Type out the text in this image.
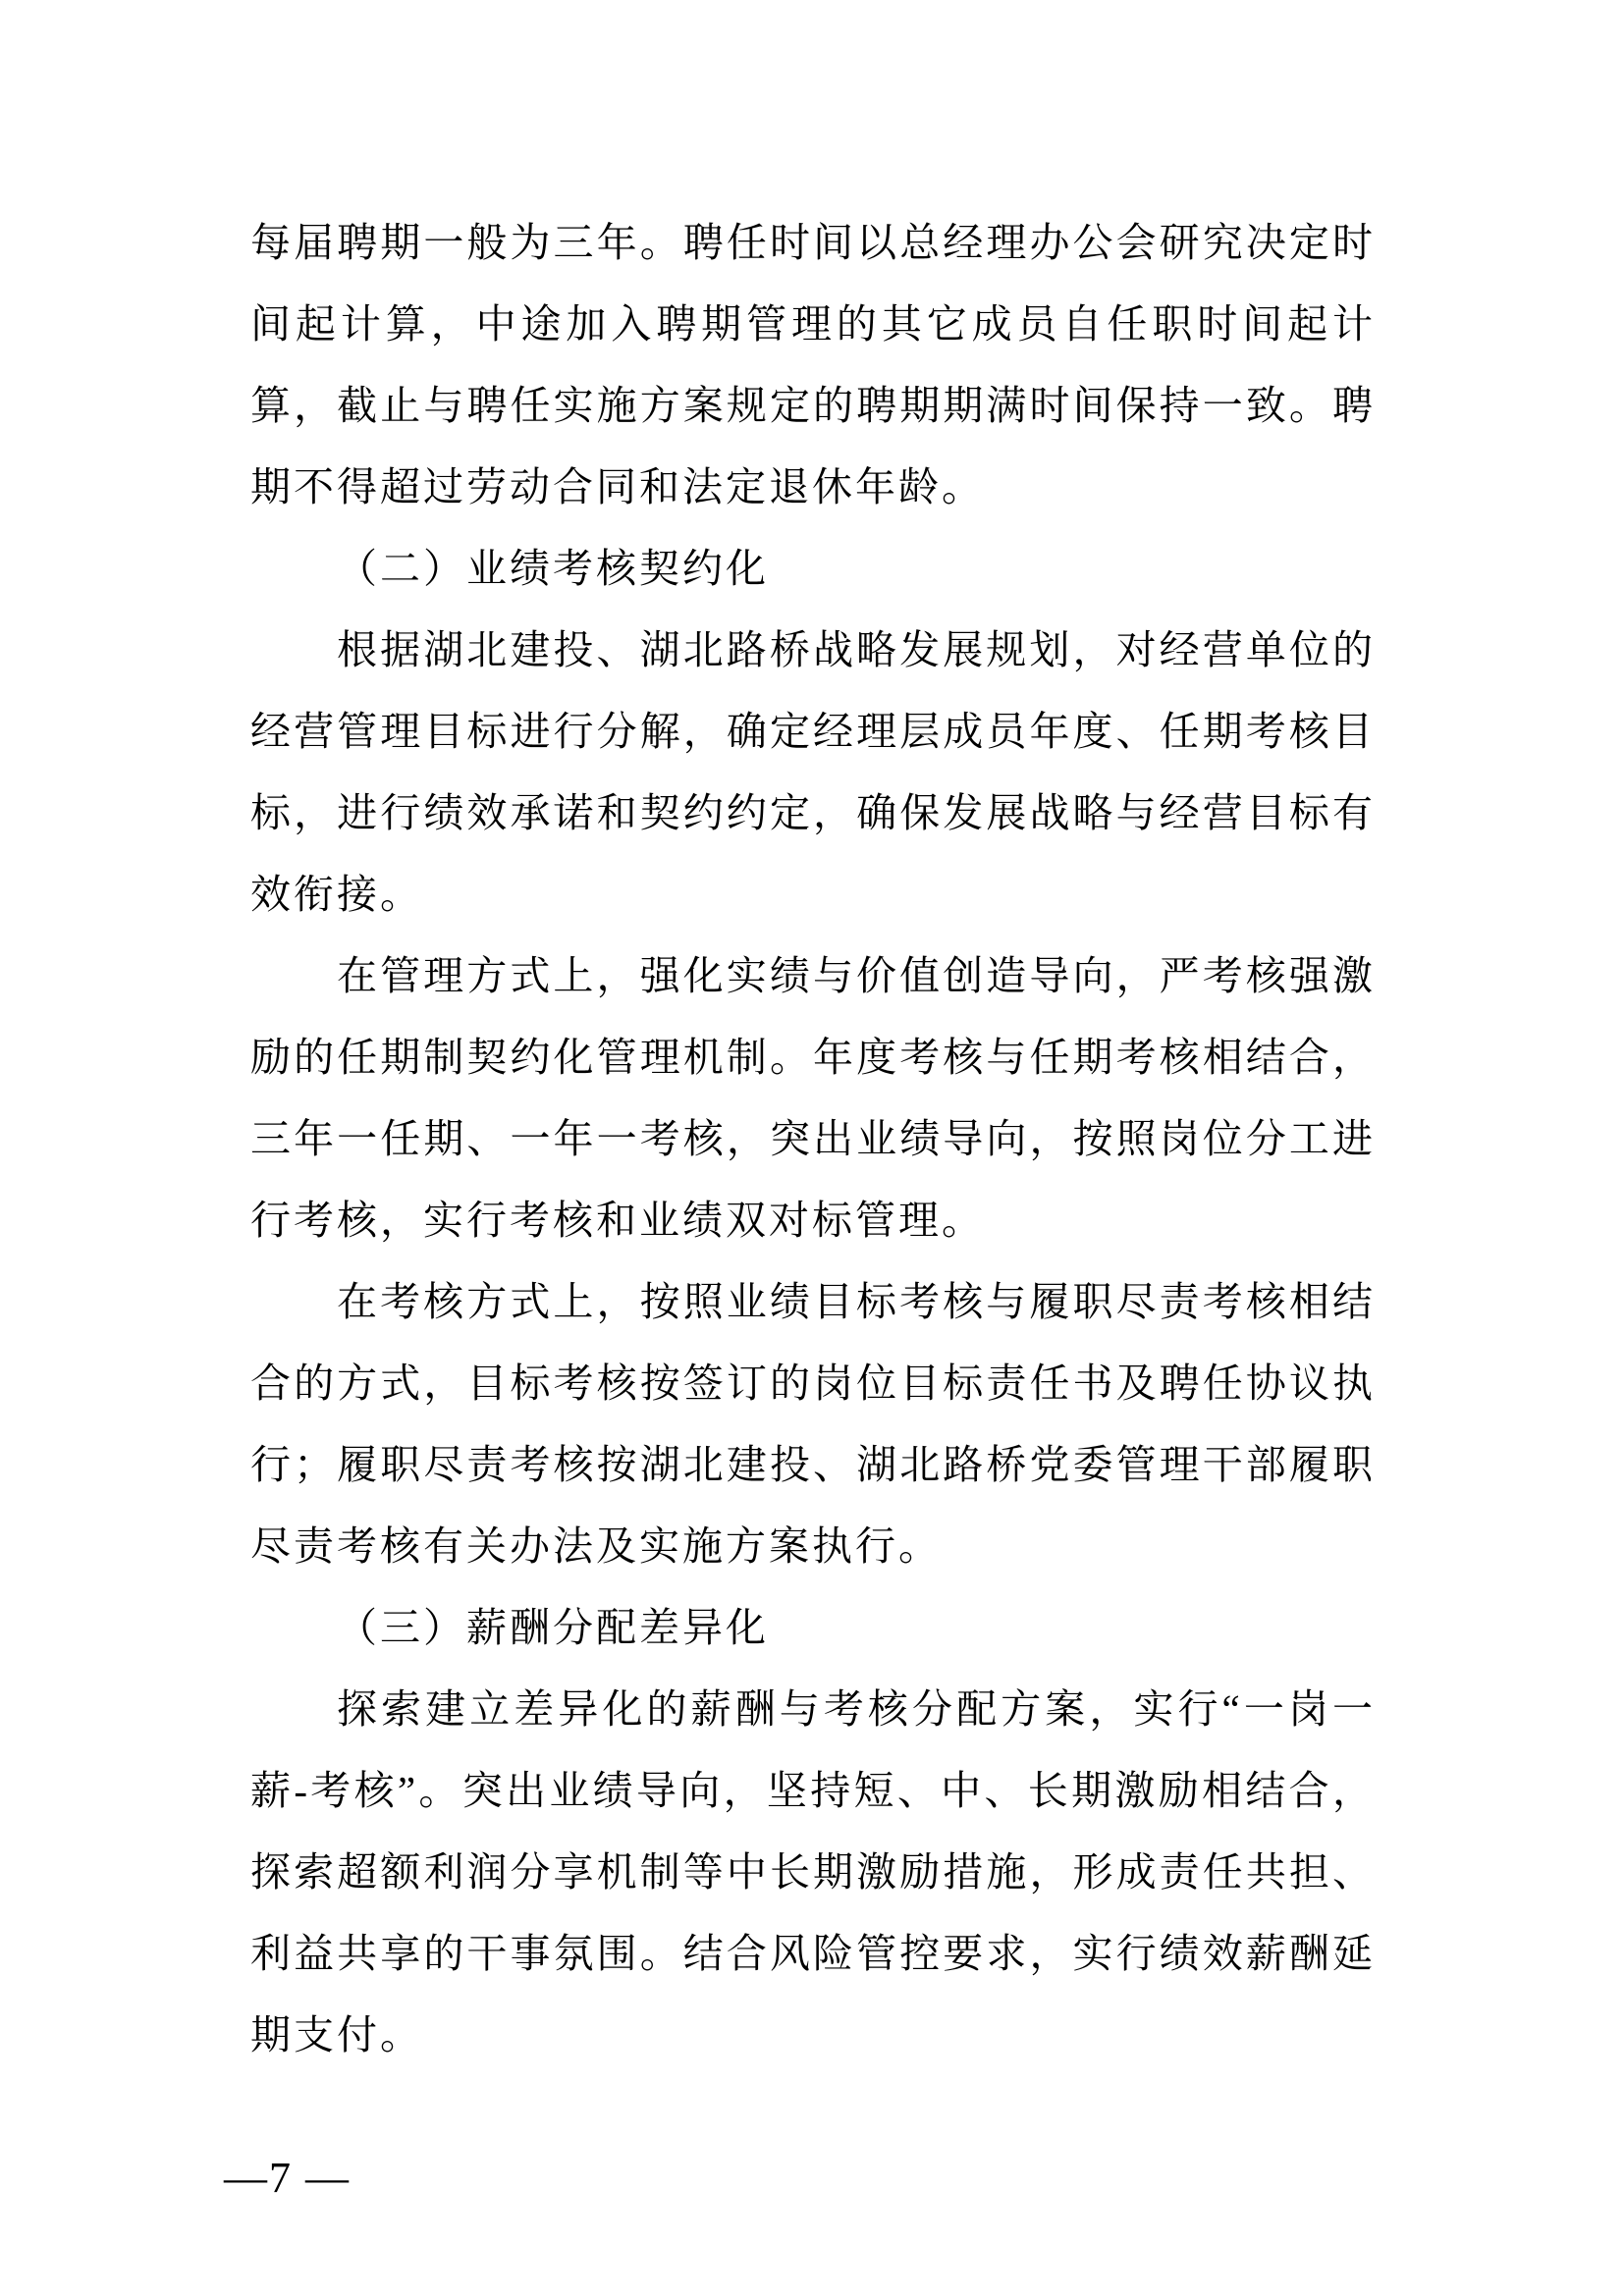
每届聘期一般为三年。聘任时间以总经理办公会研究决定时
间起计算，中途加入聘期管理的其它成员自任职时间起计
算，截止与聘任实施方案规定的聘期期满时间保持一致。聘
期不得超过劳动合同和法定退休年龄。
（二）业绩考核契约化
根据湖北建投、湖北路桥战略发展规划，对经营单位的
经营管理目标进行分解，确定经理层成员年度、任期考核目
标，进行绩效承诺和契约约定，确保发展战略与经营目标有
效衔接。
在管理方式上，强化实绩与价值创造导向，严考核强激
励的任期制契约化管理机制。年度考核与任期考核相结合，
三年一任期、一年一考核，突出业绩导向，按照岗位分工进
行考核，实行考核和业绩双对标管理。
在考核方式上，按照业绩目标考核与履职尽责考核相结
合的方式，目标考核按签订的岗位目标责任书及聘任协议执
行；履职尽责考核按湖北建投、湖北路桥党委管理干部履职
尽责考核有关办法及实施方案执行。
（三）薪酬分配差异化
探索建立差异化的薪酬与考核分配方案，实行“一岗一
薪-考核”。突出业绩导向，坚持短、中、长期激励相结合，
探索超额利润分享机制等中长期激励措施，形成责任共担、
利益共享的干事氛围。结合风险管控要求，实行绩效薪酬延
期支付。
—7 —
